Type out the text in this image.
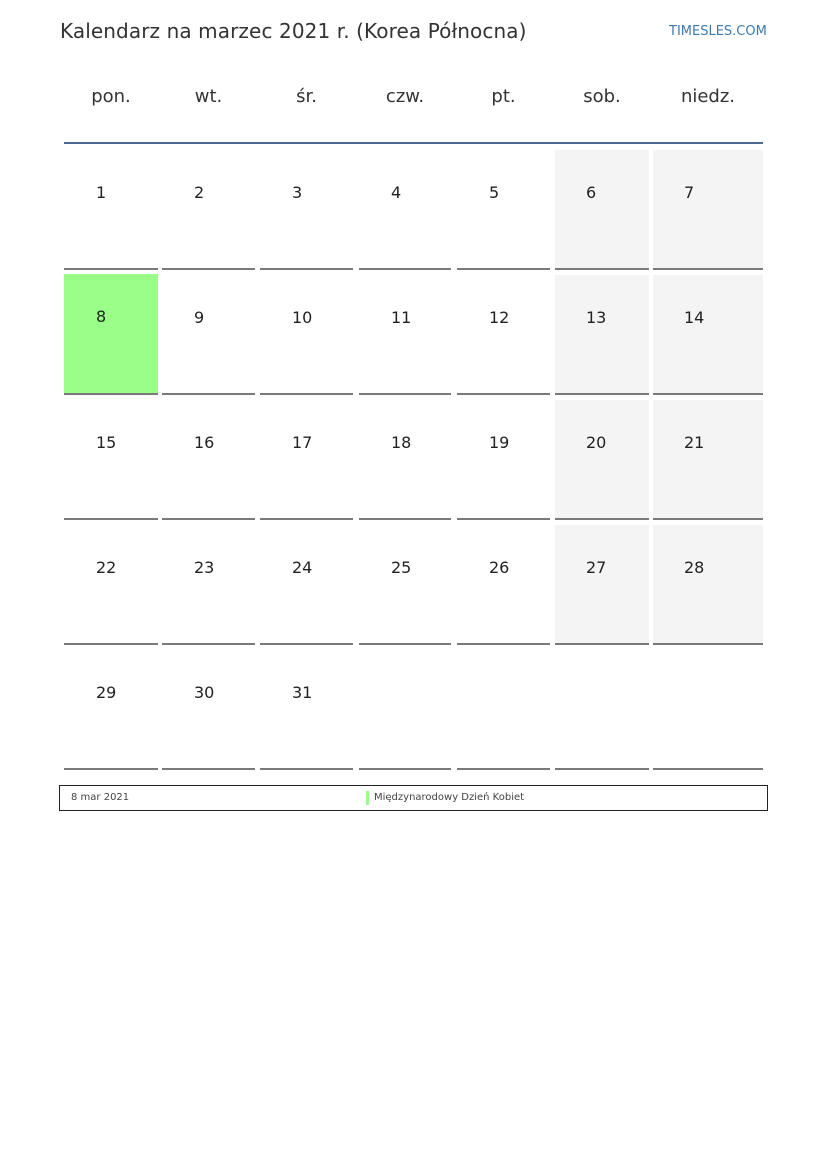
Kalendarz na marzec 2021 r. (Korea Północna)	TIMESLES.COM
pon.	wt.	śr.	czw.	pt.	sob.	niedz.
1	2	3	4	5	6	7
8	9	10	11	12	13	14
15	16	17	18	19	20	21
22	23	24	25	26	27	28
29	30	31
8 mar 2021	Międzynarodowy Dzień Kobiet
